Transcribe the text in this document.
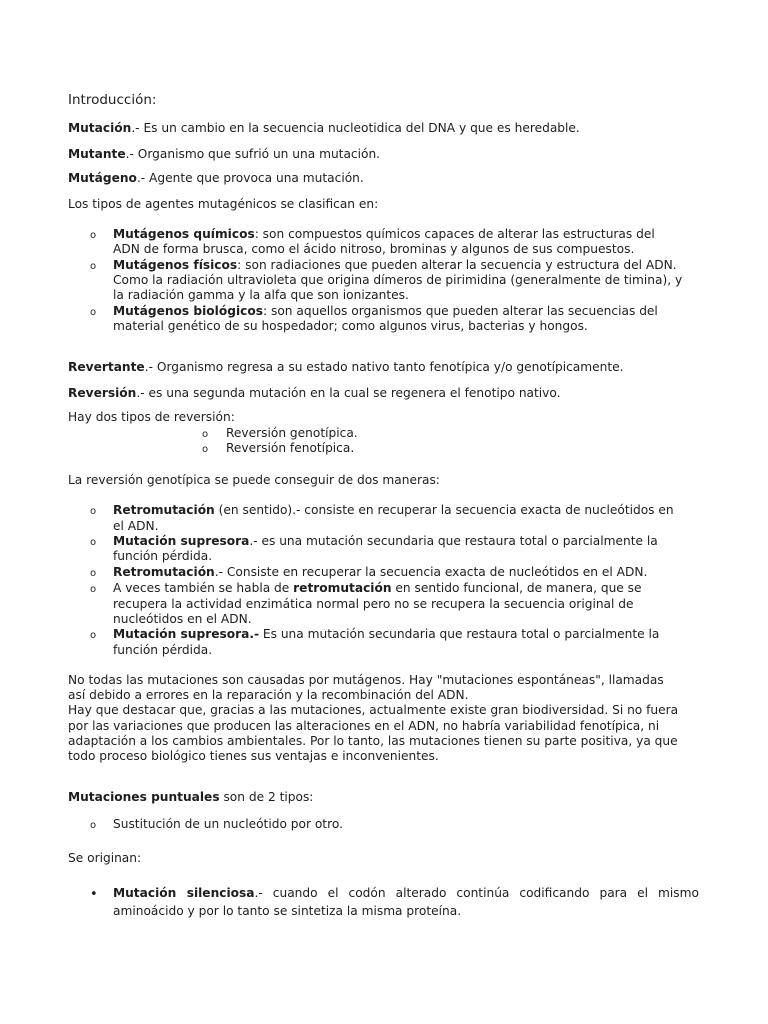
Introducción:
Mutación.- Es un cambio en la secuencia nucleotidica del DNA y que es heredable.
Mutante.- Organismo que sufrió un una mutación.
Mutágeno.- Agente que provoca una mutación.
Los tipos de agentes mutagénicos se clasifican en:
o Mutágenos químicos: son compuestos químicos capaces de alterar las estructuras del
ADN de forma brusca, como el ácido nitroso, brominas y algunos de sus compuestos.
o Mutágenos físicos: son radiaciones que pueden alterar la secuencia y estructura del ADN.
Como la radiación ultravioleta que origina dímeros de pirimidina (generalmente de timina), y
la radiación gamma y la alfa que son ionizantes.
o Mutágenos biológicos: son aquellos organismos que pueden alterar las secuencias del
material genético de su hospedador; como algunos virus, bacterias y hongos.
Revertante.- Organismo regresa a su estado nativo tanto fenotípica y/o genotípicamente.
Reversión.- es una segunda mutación en la cual se regenera el fenotipo nativo.
Hay dos tipos de reversión:
o Reversión genotípica.
o Reversión fenotípica.
La reversión genotípica se puede conseguir de dos maneras:
o Retromutación (en sentido).- consiste en recuperar la secuencia exacta de nucleótidos en
el ADN.
o Mutación supresora.- es una mutación secundaria que restaura total o parcialmente la
función pérdida.
o Retromutación.- Consiste en recuperar la secuencia exacta de nucleótidos en el ADN.
o A veces también se habla de retromutación en sentido funcional, de manera, que se
recupera la actividad enzimática normal pero no se recupera la secuencia original de
nucleótidos en el ADN.
o Mutación supresora.- Es una mutación secundaria que restaura total o parcialmente la
función pérdida.
No todas las mutaciones son causadas por mutágenos. Hay "mutaciones espontáneas", llamadas
así debido a errores en la reparación y la recombinación del ADN.
Hay que destacar que, gracias a las mutaciones, actualmente existe gran biodiversidad. Si no fuera
por las variaciones que producen las alteraciones en el ADN, no habría variabilidad fenotípica, ni
adaptación a los cambios ambientales. Por lo tanto, las mutaciones tienen su parte positiva, ya que
todo proceso biológico tienes sus ventajas e inconvenientes.
Mutaciones puntuales son de 2 tipos:
o Sustitución de un nucleótido por otro.
Se originan:
• Mutación silenciosa.- cuando el codón alterado continúa codificando para el mismo
aminoácido y por lo tanto se sintetiza la misma proteína.
